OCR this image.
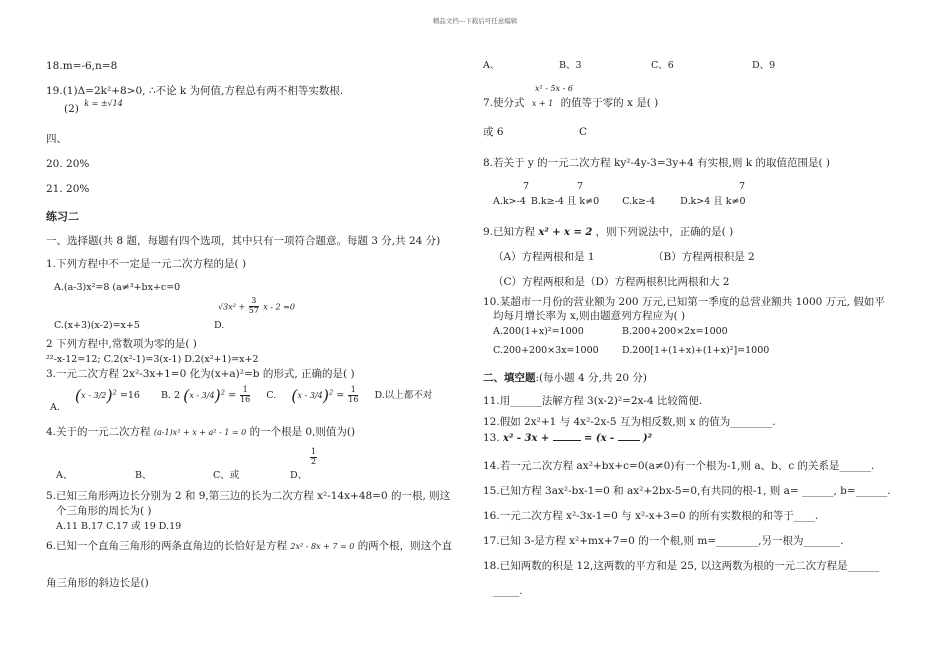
精品文档---下载后可任意编辑
18.m=-6,n=8
19.(1)Δ=2k²+8>0, ∴不论 k 为何值,方程总有两不相等实数根.
(2) $^{k = \pm√14}$
四、
20. 20%
21. 20%
练习二
一、选择题(共 8 题，每题有四个选项，其中只有一项符合题意。每题 3 分,共 24 分)
1.下列方程中不一定是一元二次方程的是( )
A.(a-3)x²=8 (a≠³+bx+c=0
$√3x^2 + \frac{3}{57}$ x - 2 =0
C.(x+3)(x-2)=x+5	D.
2 下列方程中,常数项为零的是( )
²²-x-12=12; C.2(x²-1)=3(x-1) D.2(x²+1)=x+2
3.一元二次方程 2x²-3x+1=0 化为(x+a)²=b 的形式, 正确的是( )
A. (x - 3/2)$^2$ =16 B. 2 $(x - 3/4)^2 = \frac{1}{16} C$. $(x - 3/4)^2 = \frac{1}{16} D$.以上都不对
4.关于的一元二次方程 (a-1)x² + x + a² - 1 = 0 的一个根是 0,则值为()
$\frac{1}{2}$
A、	B、	C、或	D、
5.已知三角形两边长分别为 2 和 9,第三边的长为二次方程 x²-14x+48=0 的一根, 则这
个三角形的周长为( )
A.11 B.17 C.17 或 19 D.19
6.已知一个直角三角形的两条直角边的长恰好是方程 2x² - 8x + 7 = 0 的两个根，则这个直
角三角形的斜边长是()
A、	B、3	C、6	D、9
x² - 5x - 6
7.使分式 x + 1 的值等于零的 x 是( )
或 6	C
8.若关于 y 的一元二次方程 ky²-4y-3=3y+4 有实根,则 k 的取值范围是( )
7	7	7
A.k>-4 B.k≥-4 且 k≠0 C.k≥-4	D.k>4 且 k≠0
9.已知方程 x² + x = 2 ，则下列说法中，正确的是( )
（A）方程两根和是 1	（B）方程两根积是 2
（C）方程两根和是（D）方程两根积比两根和大 2
10.某超市一月份的营业额为 200 万元,已知第一季度的总营业额共 1000 万元, 假如平
均每月增长率为 x,则由题意列方程应为( )
A.200(1+x)²=1000	B.200+200×2x=1000
C.200+200×3x=1000 D.200[1+(1+x)+(1+x)²]=1000
二、填空题:(每小题 4 分,共 20 分)
11.用______法解方程 3(x-2)²=2x-4 比较简便.
12.假如 2x²+1 与 4x²-2x-5 互为相反数,则 x 的值为________.
13. x² - 3x +	= (x -	)²
14.若一元二次方程 ax²+bx+c=0(a≠0)有一个根为-1,则 a、b、c 的关系是______.
15.已知方程 3ax²-bx-1=0 和 ax²+2bx-5=0,有共同的根-1, 则 a= ______, b=______.
16.一元二次方程 x²-3x-1=0 与 x²-x+3=0 的所有实数根的和等于____.
17.已知 3-是方程 x²+mx+7=0 的一个根,则 m=________,另一根为_______.
18.已知两数的积是 12,这两数的平方和是 25, 以这两数为根的一元二次方程是______
_____.
